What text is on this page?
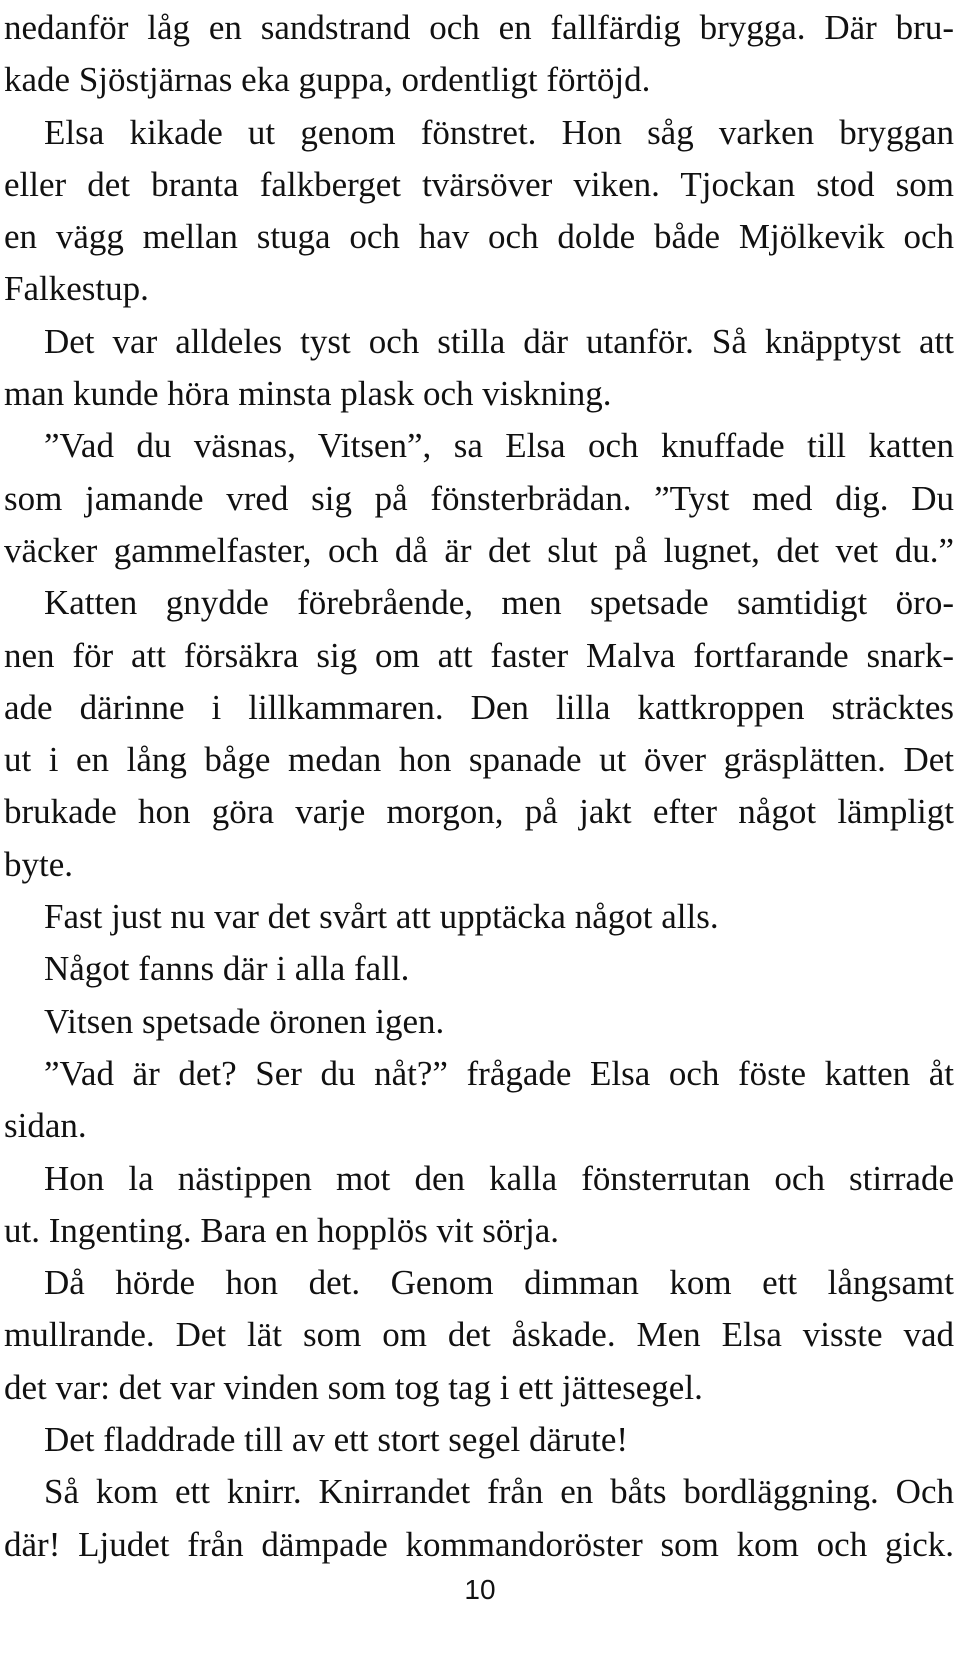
nedanför låg en sandstrand och en fallfärdig brygga. Där bru-
kade Sjöstjärnas eka guppa, ordentligt förtöjd.
Elsa kikade ut genom fönstret. Hon såg varken bryggan
eller det branta falkberget tvärsöver viken. Tjockan stod som
en vägg mellan stuga och hav och dolde både Mjölkevik och
Falkestup.
Det var alldeles tyst och stilla där utanför. Så knäpptyst att
man kunde höra minsta plask och viskning.
”Vad du väsnas, Vitsen”, sa Elsa och knuffade till katten
som jamande vred sig på fönsterbrädan. ”Tyst med dig. Du
väcker gammelfaster, och då är det slut på lugnet, det vet du.”
Katten gnydde förebrående, men spetsade samtidigt öro-
nen för att försäkra sig om att faster Malva fortfarande snark-
ade därinne i lillkammaren. Den lilla kattkroppen sträcktes
ut i en lång båge medan hon spanade ut över gräsplätten. Det
brukade hon göra varje morgon, på jakt efter något lämpligt
byte.
Fast just nu var det svårt att upptäcka något alls.
Något fanns där i alla fall.
Vitsen spetsade öronen igen.
”Vad är det? Ser du nåt?” frågade Elsa och föste katten åt
sidan.
Hon la nästippen mot den kalla fönsterrutan och stirrade
ut. Ingenting. Bara en hopplös vit sörja.
Då hörde hon det. Genom dimman kom ett långsamt
mullrande. Det lät som om det åskade. Men Elsa visste vad
det var: det var vinden som tog tag i ett jättesegel.
Det fladdrade till av ett stort segel därute!
Så kom ett knirr. Knirrandet från en båts bordläggning. Och
där! Ljudet från dämpade kommandoröster som kom och gick.
10
